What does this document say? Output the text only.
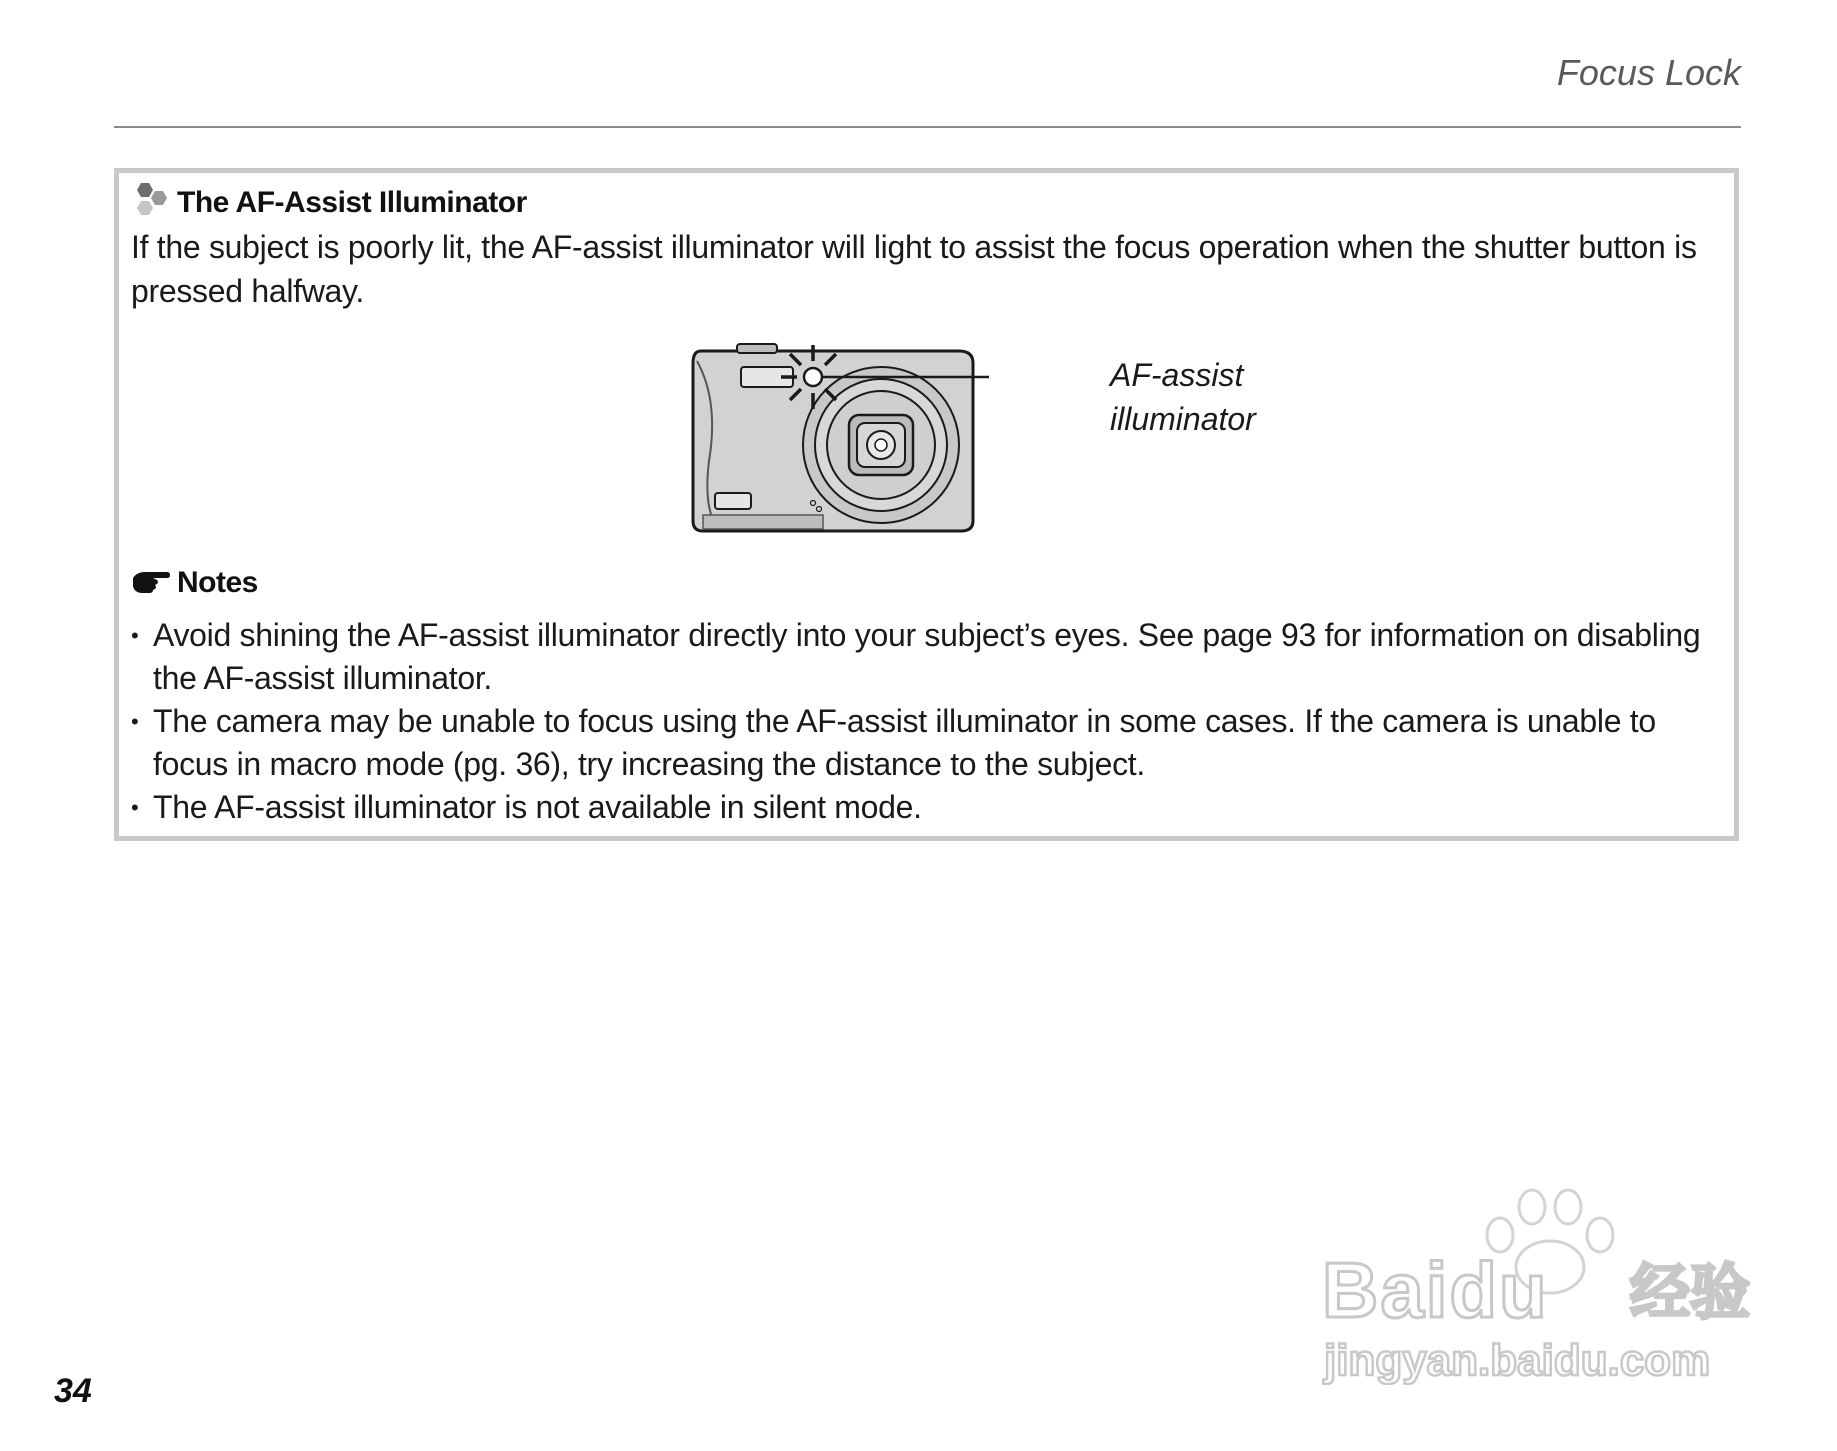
Focus Lock
The AF-Assist Illuminator
If the subject is poorly lit, the AF-assist illuminator will light to assist the focus operation when the shutter button is pressed halfway.
AF-assist
illuminator
Notes
• Avoid shining the AF-assist illuminator directly into your subject’s eyes. See page 93 for information on disabling the AF-assist illuminator.
• The camera may be unable to focus using the AF-assist illuminator in some cases. If the camera is unable to focus in macro mode (pg. 36), try increasing the distance to the subject.
• The AF-assist illuminator is not available in silent mode.
34
Baidu 经验
jingyan.baidu.com
